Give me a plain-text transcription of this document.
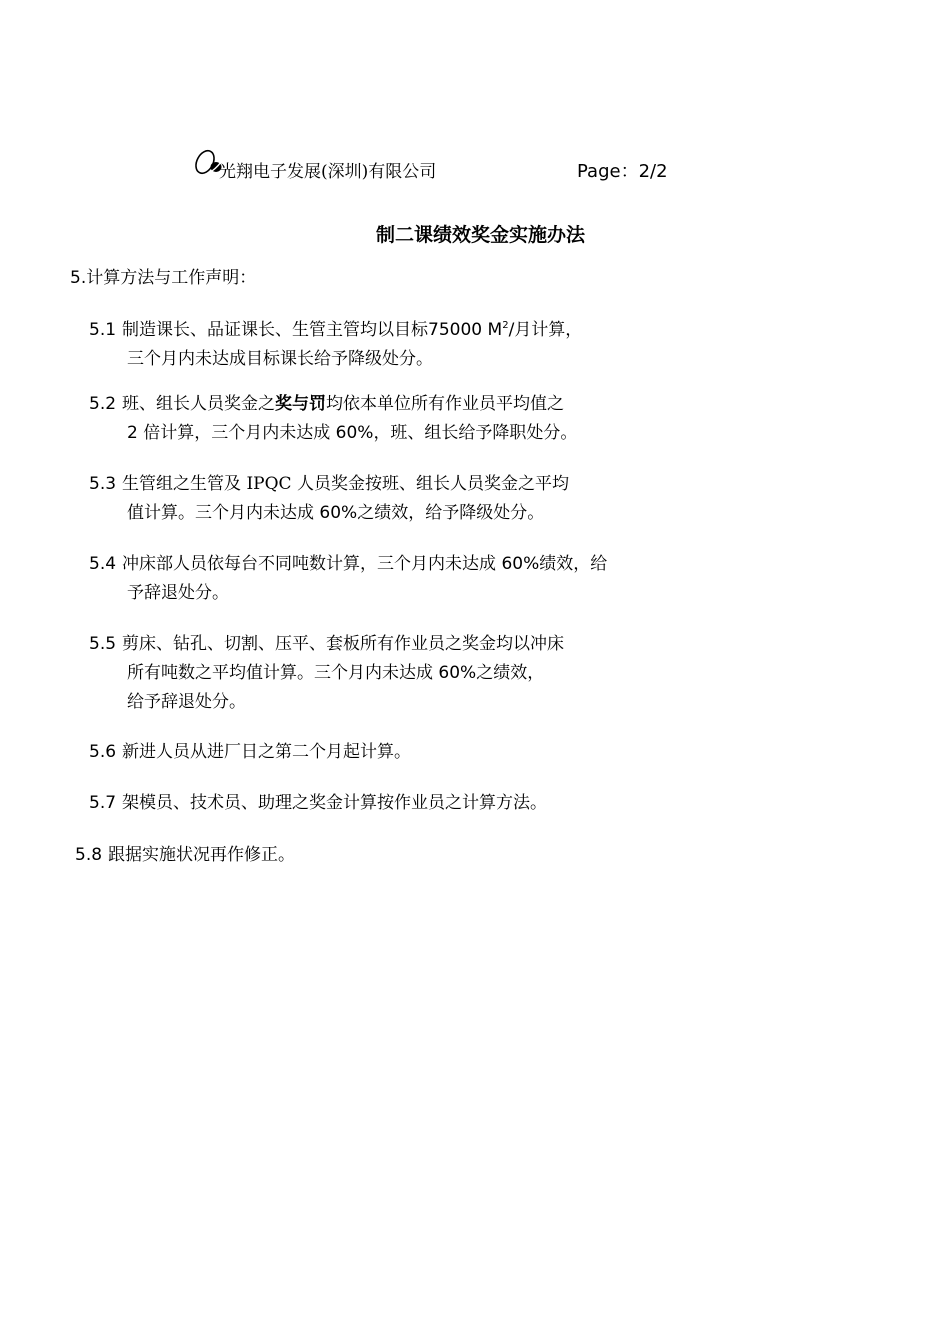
光翔电子发展(深圳)有限公司	Page：2/2
制二课绩效奖金实施办法
5.计算方法与工作声明：
5.1 制造课长、品证课长、生管主管均以目标75000 $M^2/$月计算，
三个月内未达成目标课长给予降级处分。
5.2 班、组长人员奖金之奖与罚均依本单位所有作业员平均值之
2 倍计算，三个月内未达成 60%，班、组长给予降职处分。
5.3 生管组之生管及 IPQC 人员奖金按班、组长人员奖金之平均
值计算。三个月内未达成 60%之绩效，给予降级处分。
5.4 冲床部人员依每台不同吨数计算，三个月内未达成 60%绩效，给
予辞退处分。
5.5 剪床、钻孔、切割、压平、套板所有作业员之奖金均以冲床
所有吨数之平均值计算。三个月内未达成 60%之绩效，
给予辞退处分。
5.6 新进人员从进厂日之第二个月起计算。
5.7 架模员、技术员、助理之奖金计算按作业员之计算方法。
5.8 跟据实施状况再作修正。
